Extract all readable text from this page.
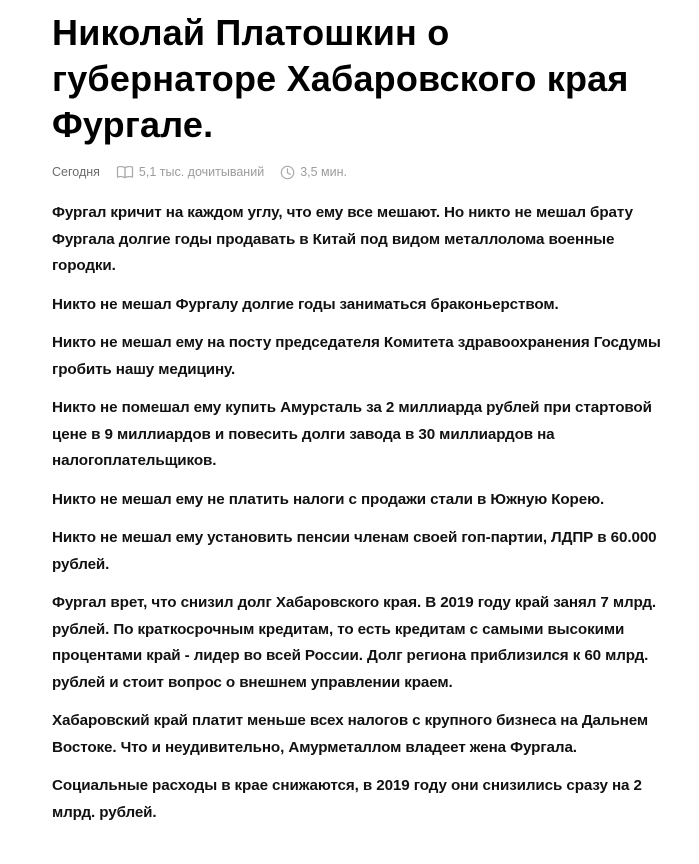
Николай Платошкин о губернаторе Хабаровского края Фургале.
Сегодня	5,1 тыс. дочитываний	3,5 мин.

Фургал кричит на каждом углу, что ему все мешают. Но никто не мешал брату Фургала долгие годы продавать в Китай под видом металлолома военные городки.

Никто не мешал Фургалу долгие годы заниматься браконьерством.

Никто не мешал ему на посту председателя Комитета здравоохранения Госдумы гробить нашу медицину.

Никто не помешал ему купить Амурсталь за 2 миллиарда рублей при стартовой цене в 9 миллиардов и повесить долги завода в 30 миллиардов на налогоплательщиков.

Никто не мешал ему не платить налоги с продажи стали в Южную Корею.

Никто не мешал ему установить пенсии членам своей гоп-партии, ЛДПР в 60.000 рублей.

Фургал врет, что снизил долг Хабаровского края. В 2019 году край занял 7 млрд. рублей. По краткосрочным кредитам, то есть кредитам с самыми высокими процентами край - лидер во всей России. Долг региона приблизился к 60 млрд. рублей и стоит вопрос о внешнем управлении краем.

Хабаровский край платит меньше всех налогов с крупного бизнеса на Дальнем Востоке. Что и неудивительно, Амурметаллом владеет жена Фургала.

Социальные расходы в крае снижаются, в 2019 году они снизились сразу на 2 млрд. рублей.
